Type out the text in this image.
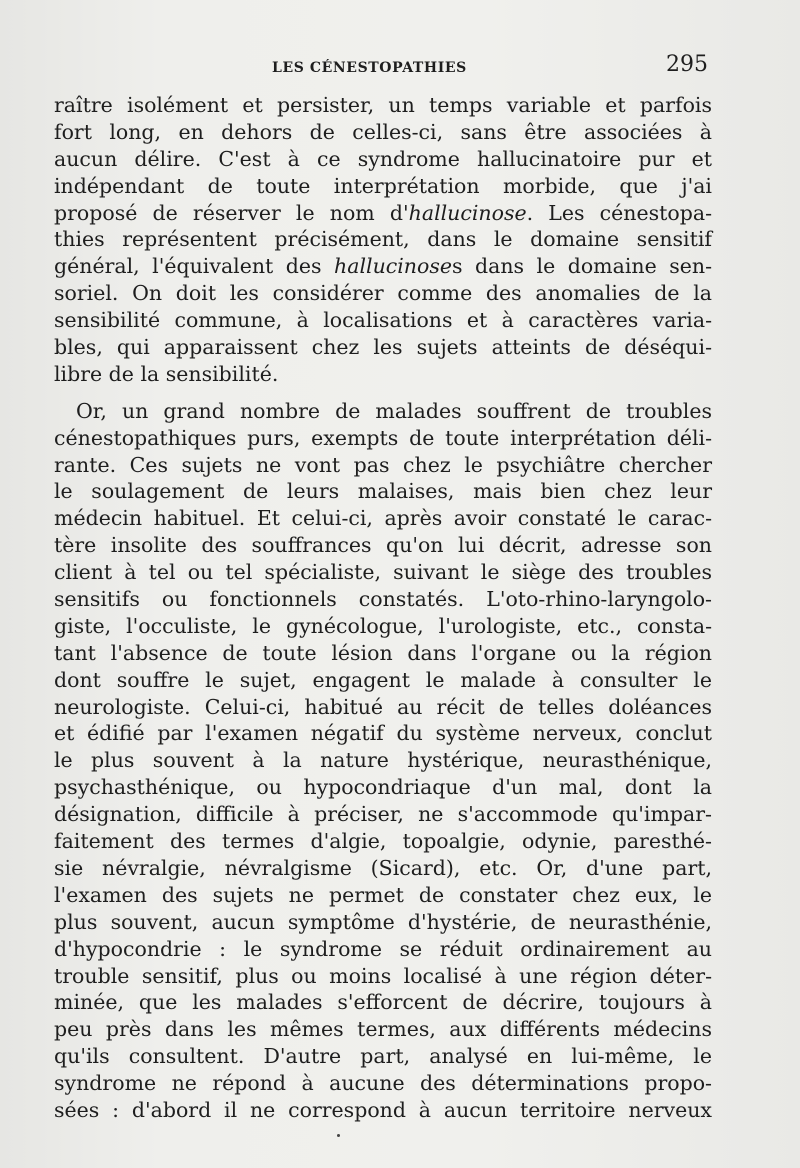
LES CÉNESTOPATHIES	295
raître isolément et persister, un temps variable et parfois
fort long, en dehors de celles-ci, sans être associées à
aucun délire. C'est à ce syndrome hallucinatoire pur et
indépendant de toute interprétation morbide, que j'ai
proposé de réserver le nom d'hallucinose. Les cénestopa-
thies représentent précisément, dans le domaine sensitif
général, l'équivalent des hallucinoses dans le domaine sen-
soriel. On doit les considérer comme des anomalies de la
sensibilité commune, à localisations et à caractères varia-
bles, qui apparaissent chez les sujets atteints de déséqui-
libre de la sensibilité.
Or, un grand nombre de malades souffrent de troubles
cénestopathiques purs, exempts de toute interprétation déli-
rante. Ces sujets ne vont pas chez le psychiâtre chercher
le soulagement de leurs malaises, mais bien chez leur
médecin habituel. Et celui-ci, après avoir constaté le carac-
tère insolite des souffrances qu'on lui décrit, adresse son
client à tel ou tel spécialiste, suivant le siège des troubles
sensitifs ou fonctionnels constatés. L'oto-rhino-laryngolo-
giste, l'occuliste, le gynécologue, l'urologiste, etc., consta-
tant l'absence de toute lésion dans l'organe ou la région
dont souffre le sujet, engagent le malade à consulter le
neurologiste. Celui-ci, habitué au récit de telles doléances
et édifié par l'examen négatif du système nerveux, conclut
le plus souvent à la nature hystérique, neurasthénique,
psychasthénique, ou hypocondriaque d'un mal, dont la
désignation, difficile à préciser, ne s'accommode qu'impar-
faitement des termes d'algie, topoalgie, odynie, paresthé-
sie névralgie, névralgisme (Sicard), etc. Or, d'une part,
l'examen des sujets ne permet de constater chez eux, le
plus souvent, aucun symptôme d'hystérie, de neurasthénie,
d'hypocondrie : le syndrome se réduit ordinairement au
trouble sensitif, plus ou moins localisé à une région déter-
minée, que les malades s'efforcent de décrire, toujours à
peu près dans les mêmes termes, aux différents médecins
qu'ils consultent. D'autre part, analysé en lui-même, le
syndrome ne répond à aucune des déterminations propo-
sées : d'abord il ne correspond à aucun territoire nerveux
